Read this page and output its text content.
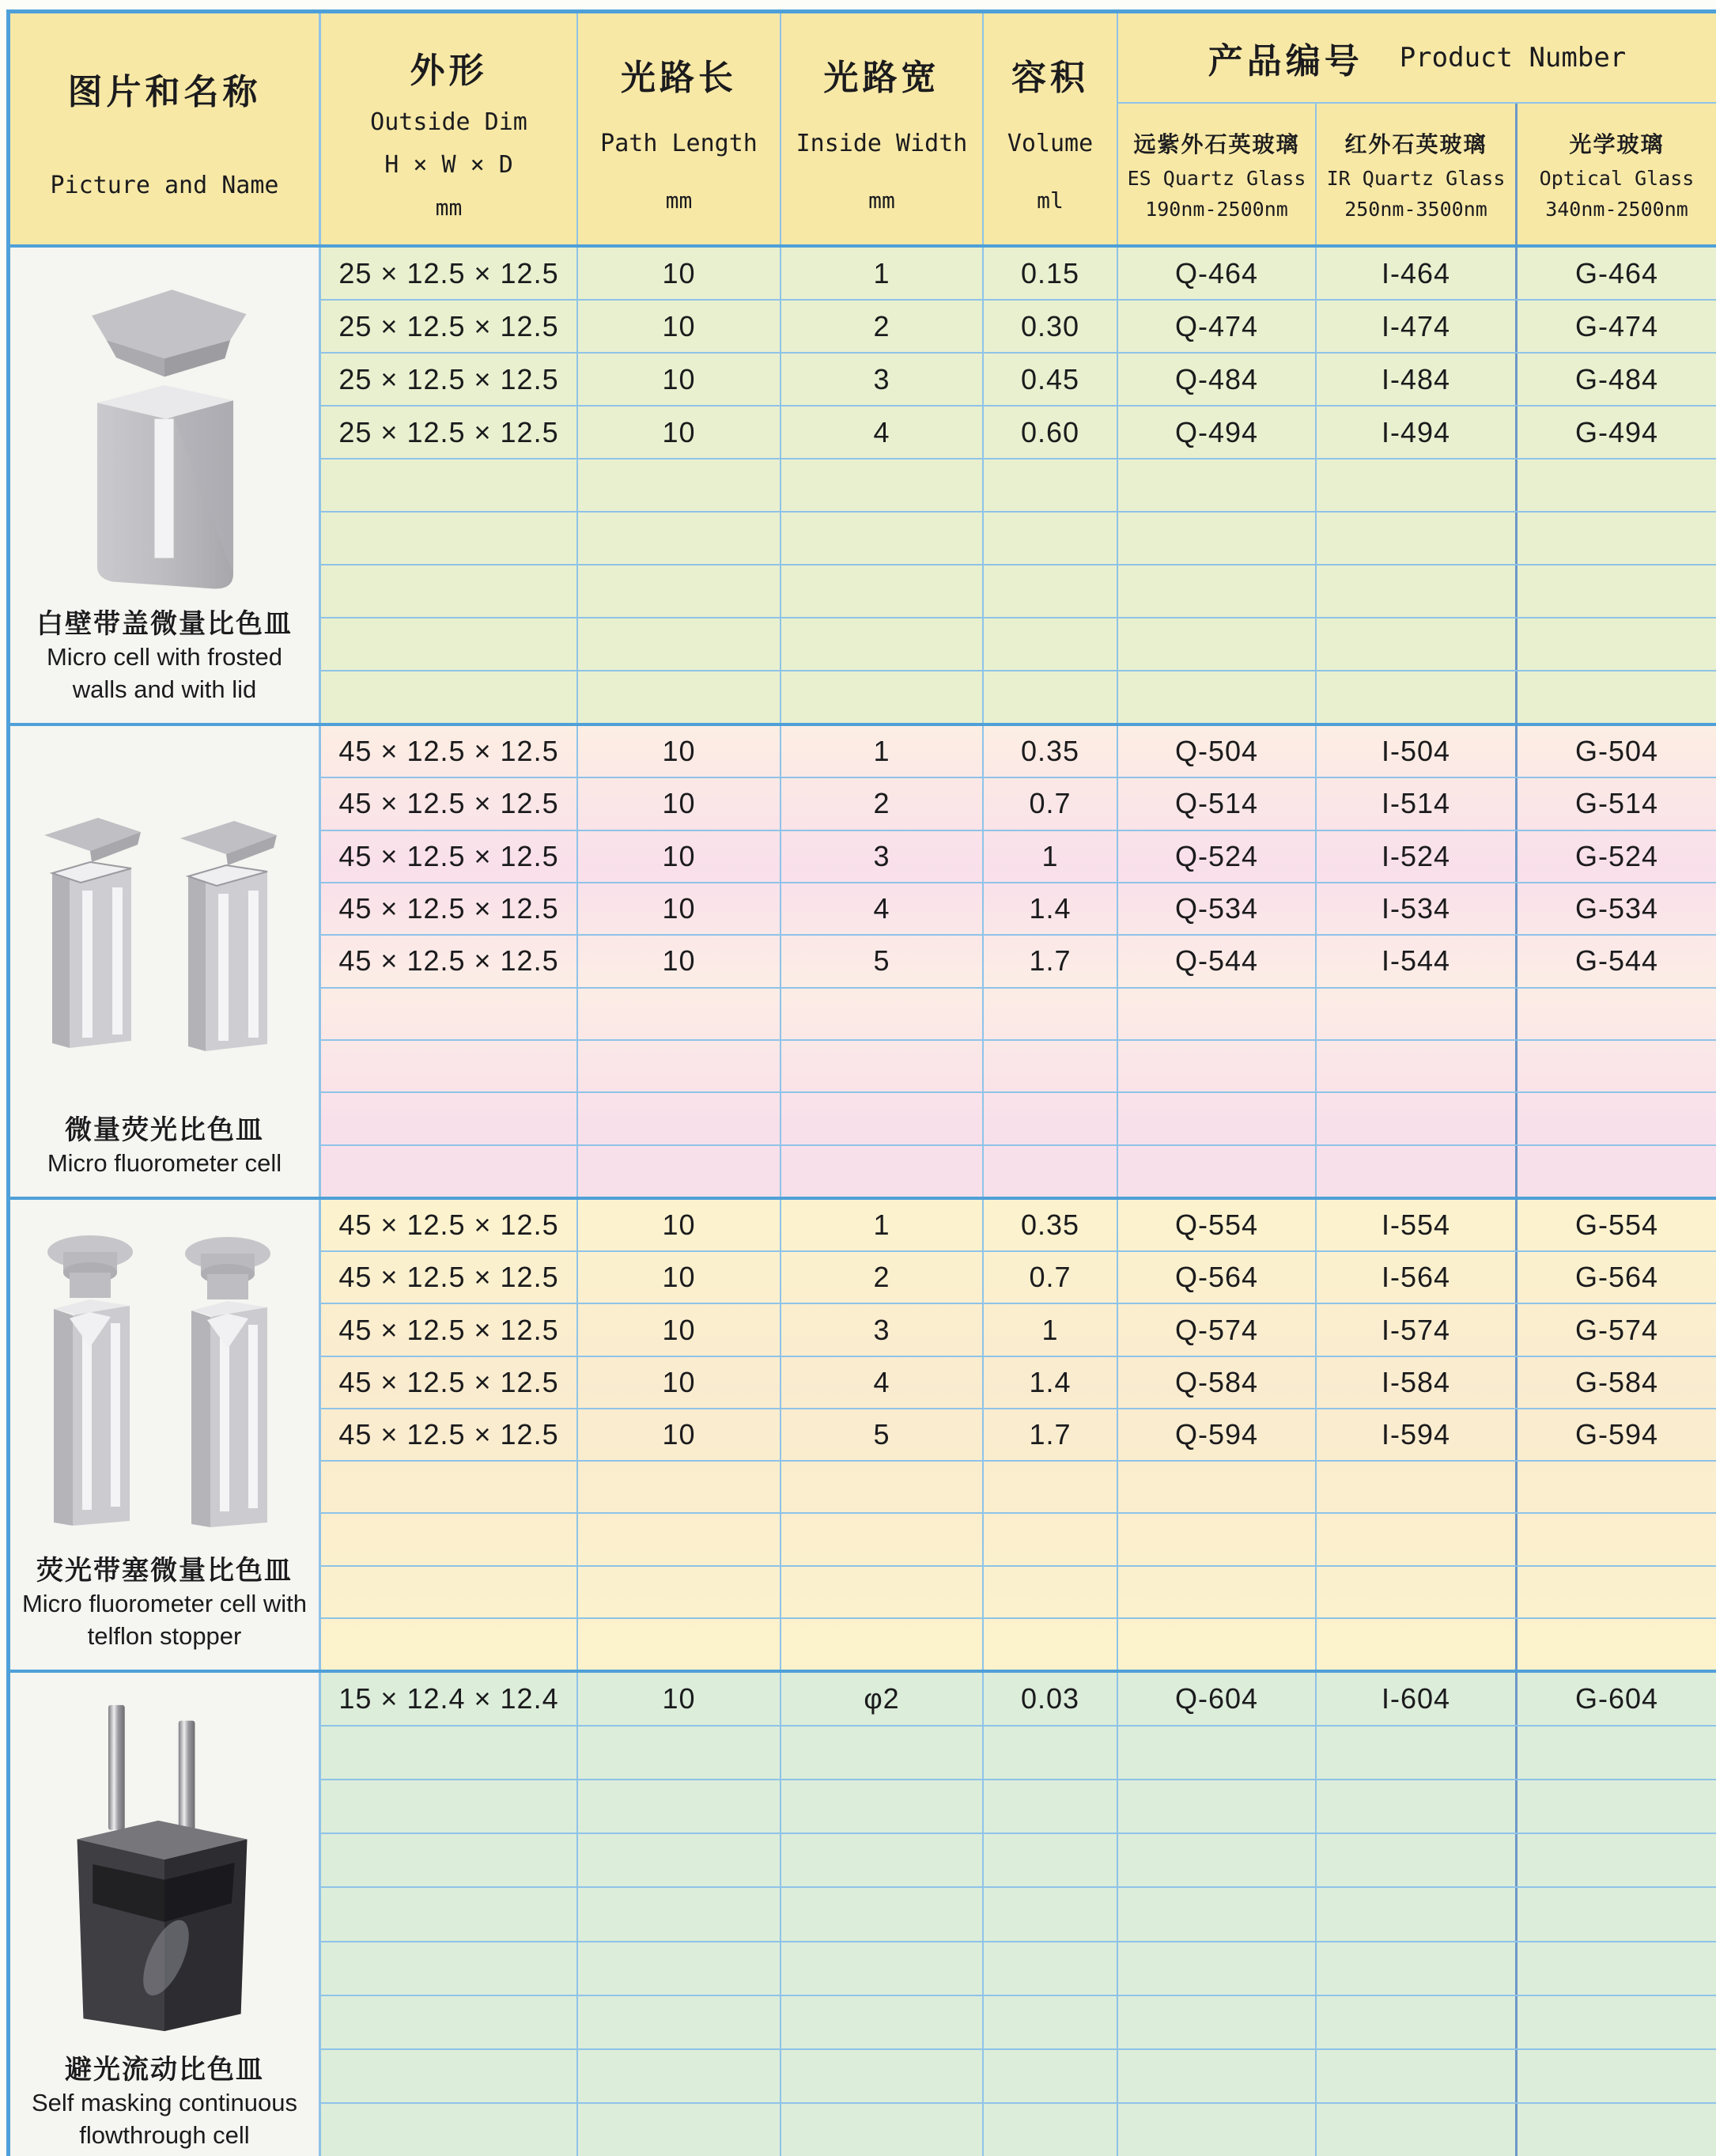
图片和名称
Picture and Name
外形
Outside Dim
H × W × D
mm
光路长
Path Length
mm
光路宽
Inside Width
mm
容积
Volume
ml
产品编号 Product Number
远紫外石英玻璃
ES Quartz Glass
190nm-2500nm
红外石英玻璃
IR Quartz Glass
250nm-3500nm
光学玻璃
Optical Glass
340nm-2500nm
白壁带盖微量比色皿
Micro cell with frosted walls and with lid
25 × 12.5 × 12.5	10	1	0.15	Q-464	I-464	G-464
25 × 12.5 × 12.5	10	2	0.30	Q-474	I-474	G-474
25 × 12.5 × 12.5	10	3	0.45	Q-484	I-484	G-484
25 × 12.5 × 12.5	10	4	0.60	Q-494	I-494	G-494
微量荧光比色皿
Micro fluorometer cell
45 × 12.5 × 12.5	10	1	0.35	Q-504	I-504	G-504
45 × 12.5 × 12.5	10	2	0.7	Q-514	I-514	G-514
45 × 12.5 × 12.5	10	3	1	Q-524	I-524	G-524
45 × 12.5 × 12.5	10	4	1.4	Q-534	I-534	G-534
45 × 12.5 × 12.5	10	5	1.7	Q-544	I-544	G-544
荧光带塞微量比色皿
Micro fluorometer cell with telflon stopper
45 × 12.5 × 12.5	10	1	0.35	Q-554	I-554	G-554
45 × 12.5 × 12.5	10	2	0.7	Q-564	I-564	G-564
45 × 12.5 × 12.5	10	3	1	Q-574	I-574	G-574
45 × 12.5 × 12.5	10	4	1.4	Q-584	I-584	G-584
45 × 12.5 × 12.5	10	5	1.7	Q-594	I-594	G-594
避光流动比色皿
Self masking continuous flowthrough cell
15 × 12.4 × 12.4	10	φ2	0.03	Q-604	I-604	G-604
